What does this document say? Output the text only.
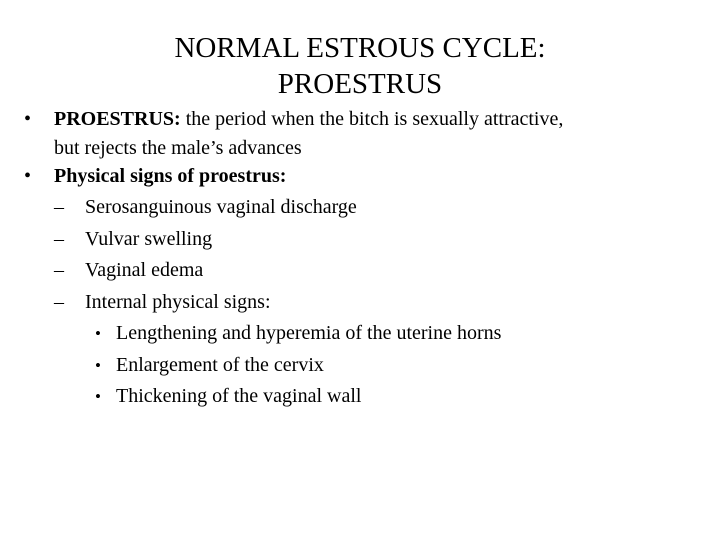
NORMAL ESTROUS CYCLE:
PROESTRUS
•	PROESTRUS: the period when the bitch is sexually attractive,
but rejects the male’s advances
•	Physical signs of proestrus:
–	Serosanguinous vaginal discharge
–	Vulvar swelling
–	Vaginal edema
–	Internal physical signs:
• Lengthening and hyperemia of the uterine horns
• Enlargement of the cervix
• Thickening of the vaginal wall
